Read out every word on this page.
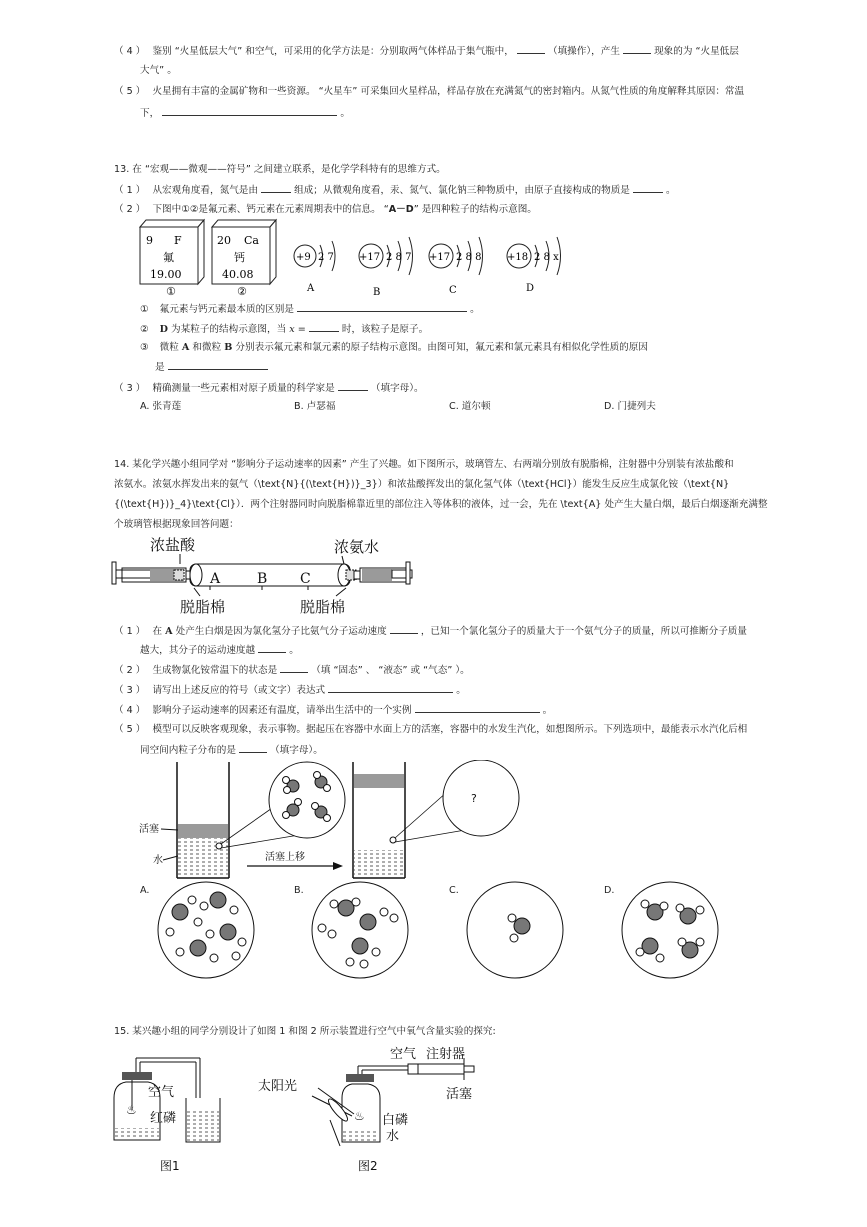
（ 4 ） 鉴别 “火星低层大气” 和空气，可采用的化学方法是：分别取两气体样品于集气瓶中，	（填操作），产生	现象的为 “火星低层
大气” 。
（ 5 ） 火星拥有丰富的金属矿物和一些资源。 “火星车” 可采集回火星样品，样品存放在充满氮气的密封箱内。从氮气性质的角度解释其原因：常温
下，	。
13. 在 “宏观——微观——符号” 之间建立联系，是化学学科特有的思维方式。
（ 1 ） 从宏观角度看，氮气是由	组成；从微观角度看，汞、氮气、氯化钠三种物质中，由原子直接构成的物质是	。
（ 2 ） 下图中①②是氟元素、钙元素在元素周期表中的信息。 “A－D” 是四种粒子的结构示意图。
9 F
氟
19.00
①
20 Ca
钙
40.08
②
+9 2 7
A
+17 2 8 7
B
+17 2 8 8
C
+18 2 8 x
D
① 氟元素与钙元素最本质的区别是	。
② D 为某粒子的结构示意图，当 x =	时，该粒子是原子。
③ 微粒 A 和微粒 B 分别表示氟元素和氯元素的原子结构示意图。由图可知，氟元素和氯元素具有相似化学性质的原因
是
（ 3 ） 精确测量一些元素相对原子质量的科学家是	（填字母）。
A. 张青莲	B. 卢瑟福	C. 道尔顿	D. 门捷列夫
14. 某化学兴趣小组同学对 “影响分子运动速率的因素” 产生了兴趣。如下图所示，玻璃管左、右两端分别放有脱脂棉，注射器中分别装有浓盐酸和
浓氨水。浓氨水挥发出来的氨气（\text{N}{(\text{H})}_3}）和浓盐酸挥发出的氯化氢气体（\text{HCl}）能发生反应生成氯化铵（\text{N}
{(\text{H})}_4}\text{Cl}）．两个注射器同时向脱脂棉靠近里的部位注入等体积的液体，过一会，先在 \text{A} 处产生大量白烟，最后白烟逐渐充满整
个玻璃管根据现象回答问题：
浓盐酸	浓氨水
A	B C
脱脂棉	脱脂棉
（ 1 ） 在 A 处产生白烟是因为氯化氢分子比氨气分子运动速度	，已知一个氯化氢分子的质量大于一个氨气分子的质量，所以可推断分子质量
越大，其分子的运动速度越	。
（ 2 ） 生成物氯化铵常温下的状态是	（填 “固态” 、 “液态” 或 “气态” ）。
（ 3 ） 请写出上述反应的符号（或文字）表达式	。
（ 4 ） 影响分子运动速率的因素还有温度，请举出生活中的一个实例	。
（ 5 ） 模型可以反映客观现象，表示事物。据起压在容器中水面上方的活塞，容器中的水发生汽化，如想图所示。下列选项中，最能表示水汽化后相
同空间内粒子分布的是	（填字母）。
活塞
水	活塞上移
?
A.	B.	C.	D.
15. 某兴趣小组的同学分别设计了如图 1 和图 2 所示装置进行空气中氧气含量实验的探究:
♨
空气
红磷
图1
♨
太阳光
空气 注射器
活塞
白磷
水
图2
